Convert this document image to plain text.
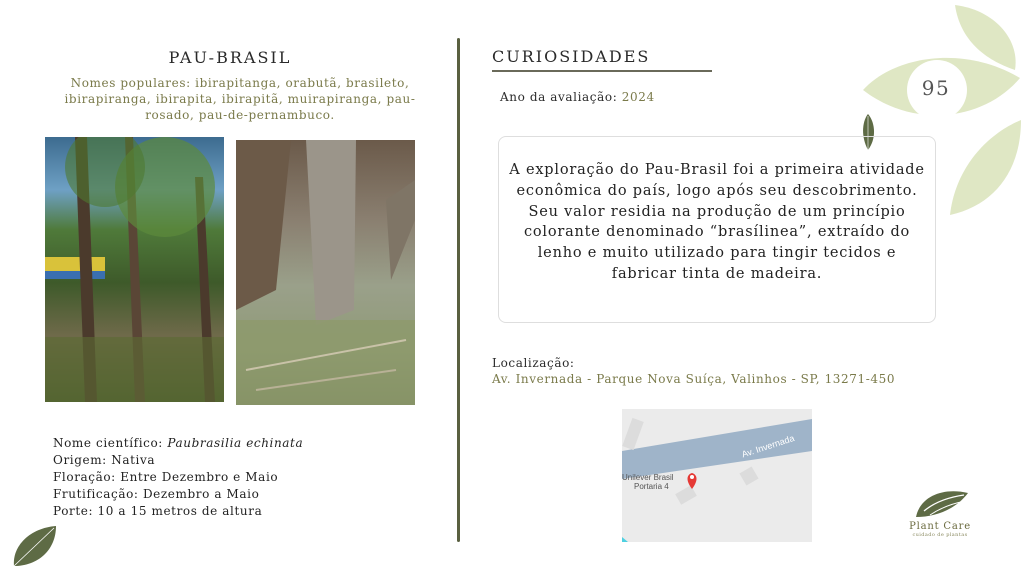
95
PAU-BRASIL
Nomes populares: ibirapitanga, orabutã, brasileto, ibirapiranga, ibirapita, ibirapitã, muirapiranga, pau-rosado, pau-de-pernambuco.
Nome científico: Paubrasilia echinata
Origem: Nativa
Floração: Entre Dezembro e Maio
Frutificação: Dezembro a Maio
Porte: 10 a 15 metros de altura
CURIOSIDADES
Ano da avaliação: 2024
A exploração do Pau-Brasil foi a primeira atividade econômica do país, logo após seu descobrimento. Seu valor residia na produção de um princípio colorante denominado “brasílinea”, extraído do lenho e muito utilizado para tingir tecidos e fabricar tinta de madeira.
Localização:
Av. Invernada - Parque Nova Suíça, Valinhos - SP, 13271-450
Av. Invernada
Unilever Brasil
Portaria 4
Plant Care
cuidado de plantas
